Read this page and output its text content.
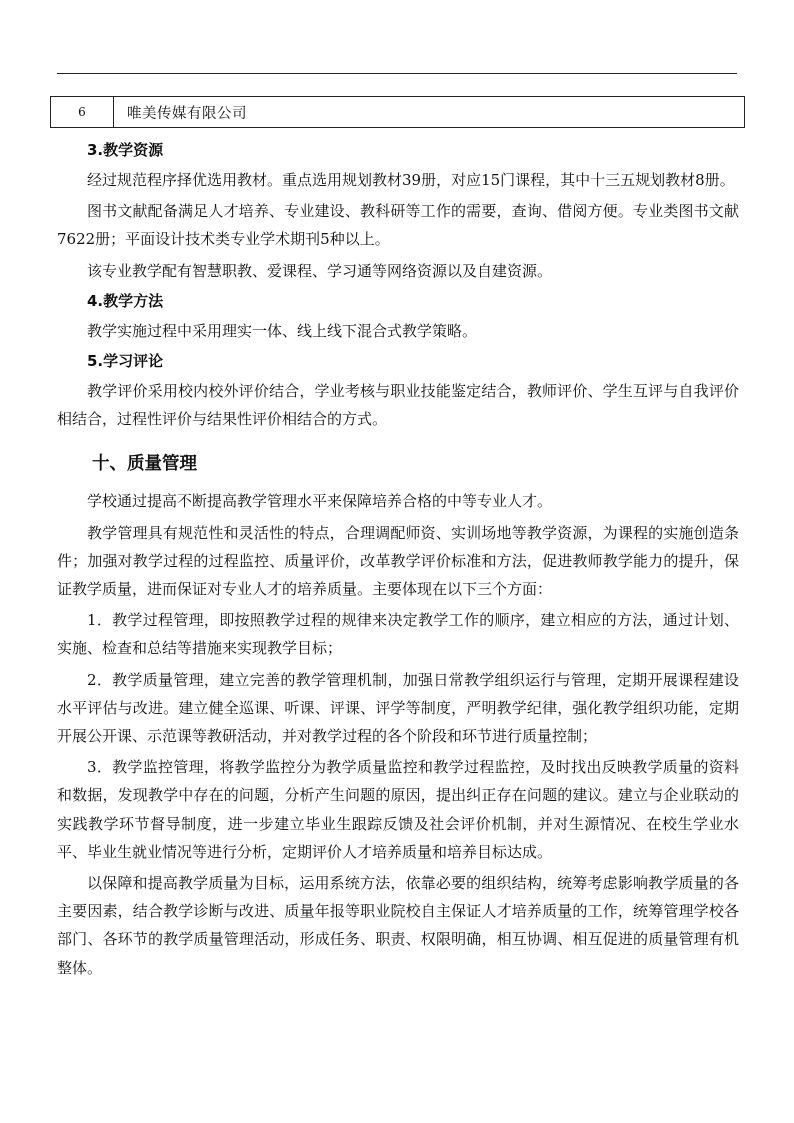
6	唯美传媒有限公司
3.教学资源

经过规范程序择优选用教材。重点选用规划教材39册，对应15门课程，其中十三五规划教材8册。

图书文献配备满足人才培养、专业建设、教科研等工作的需要，查询、借阅方便。专业类图书文献7622册；平面设计技术类专业学术期刊5种以上。

该专业教学配有智慧职教、爱课程、学习通等网络资源以及自建资源。

4.教学方法

教学实施过程中采用理实一体、线上线下混合式教学策略。

5.学习评论

教学评价采用校内校外评价结合，学业考核与职业技能鉴定结合，教师评价、学生互评与自我评价相结合，过程性评价与结果性评价相结合的方式。

十、质量管理

学校通过提高不断提高教学管理水平来保障培养合格的中等专业人才。

教学管理具有规范性和灵活性的特点，合理调配师资、实训场地等教学资源，为课程的实施创造条件；加强对教学过程的过程监控、质量评价，改革教学评价标准和方法，促进教师教学能力的提升，保证教学质量，进而保证对专业人才的培养质量。主要体现在以下三个方面：

1．教学过程管理，即按照教学过程的规律来决定教学工作的顺序，建立相应的方法，通过计划、实施、检查和总结等措施来实现教学目标；

2．教学质量管理，建立完善的教学管理机制，加强日常教学组织运行与管理，定期开展课程建设水平评估与改进。建立健全巡课、听课、评课、评学等制度，严明教学纪律，强化教学组织功能，定期开展公开课、示范课等教研活动，并对教学过程的各个阶段和环节进行质量控制；

3．教学监控管理，将教学监控分为教学质量监控和教学过程监控，及时找出反映教学质量的资料和数据，发现教学中存在的问题，分析产生问题的原因，提出纠正存在问题的建议。建立与企业联动的实践教学环节督导制度，进一步建立毕业生跟踪反馈及社会评价机制，并对生源情况、在校生学业水平、毕业生就业情况等进行分析，定期评价人才培养质量和培养目标达成。

以保障和提高教学质量为目标，运用系统方法，依靠必要的组织结构，统筹考虑影响教学质量的各主要因素，结合教学诊断与改进、质量年报等职业院校自主保证人才培养质量的工作，统筹管理学校各部门、各环节的教学质量管理活动，形成任务、职责、权限明确，相互协调、相互促进的质量管理有机整体。
